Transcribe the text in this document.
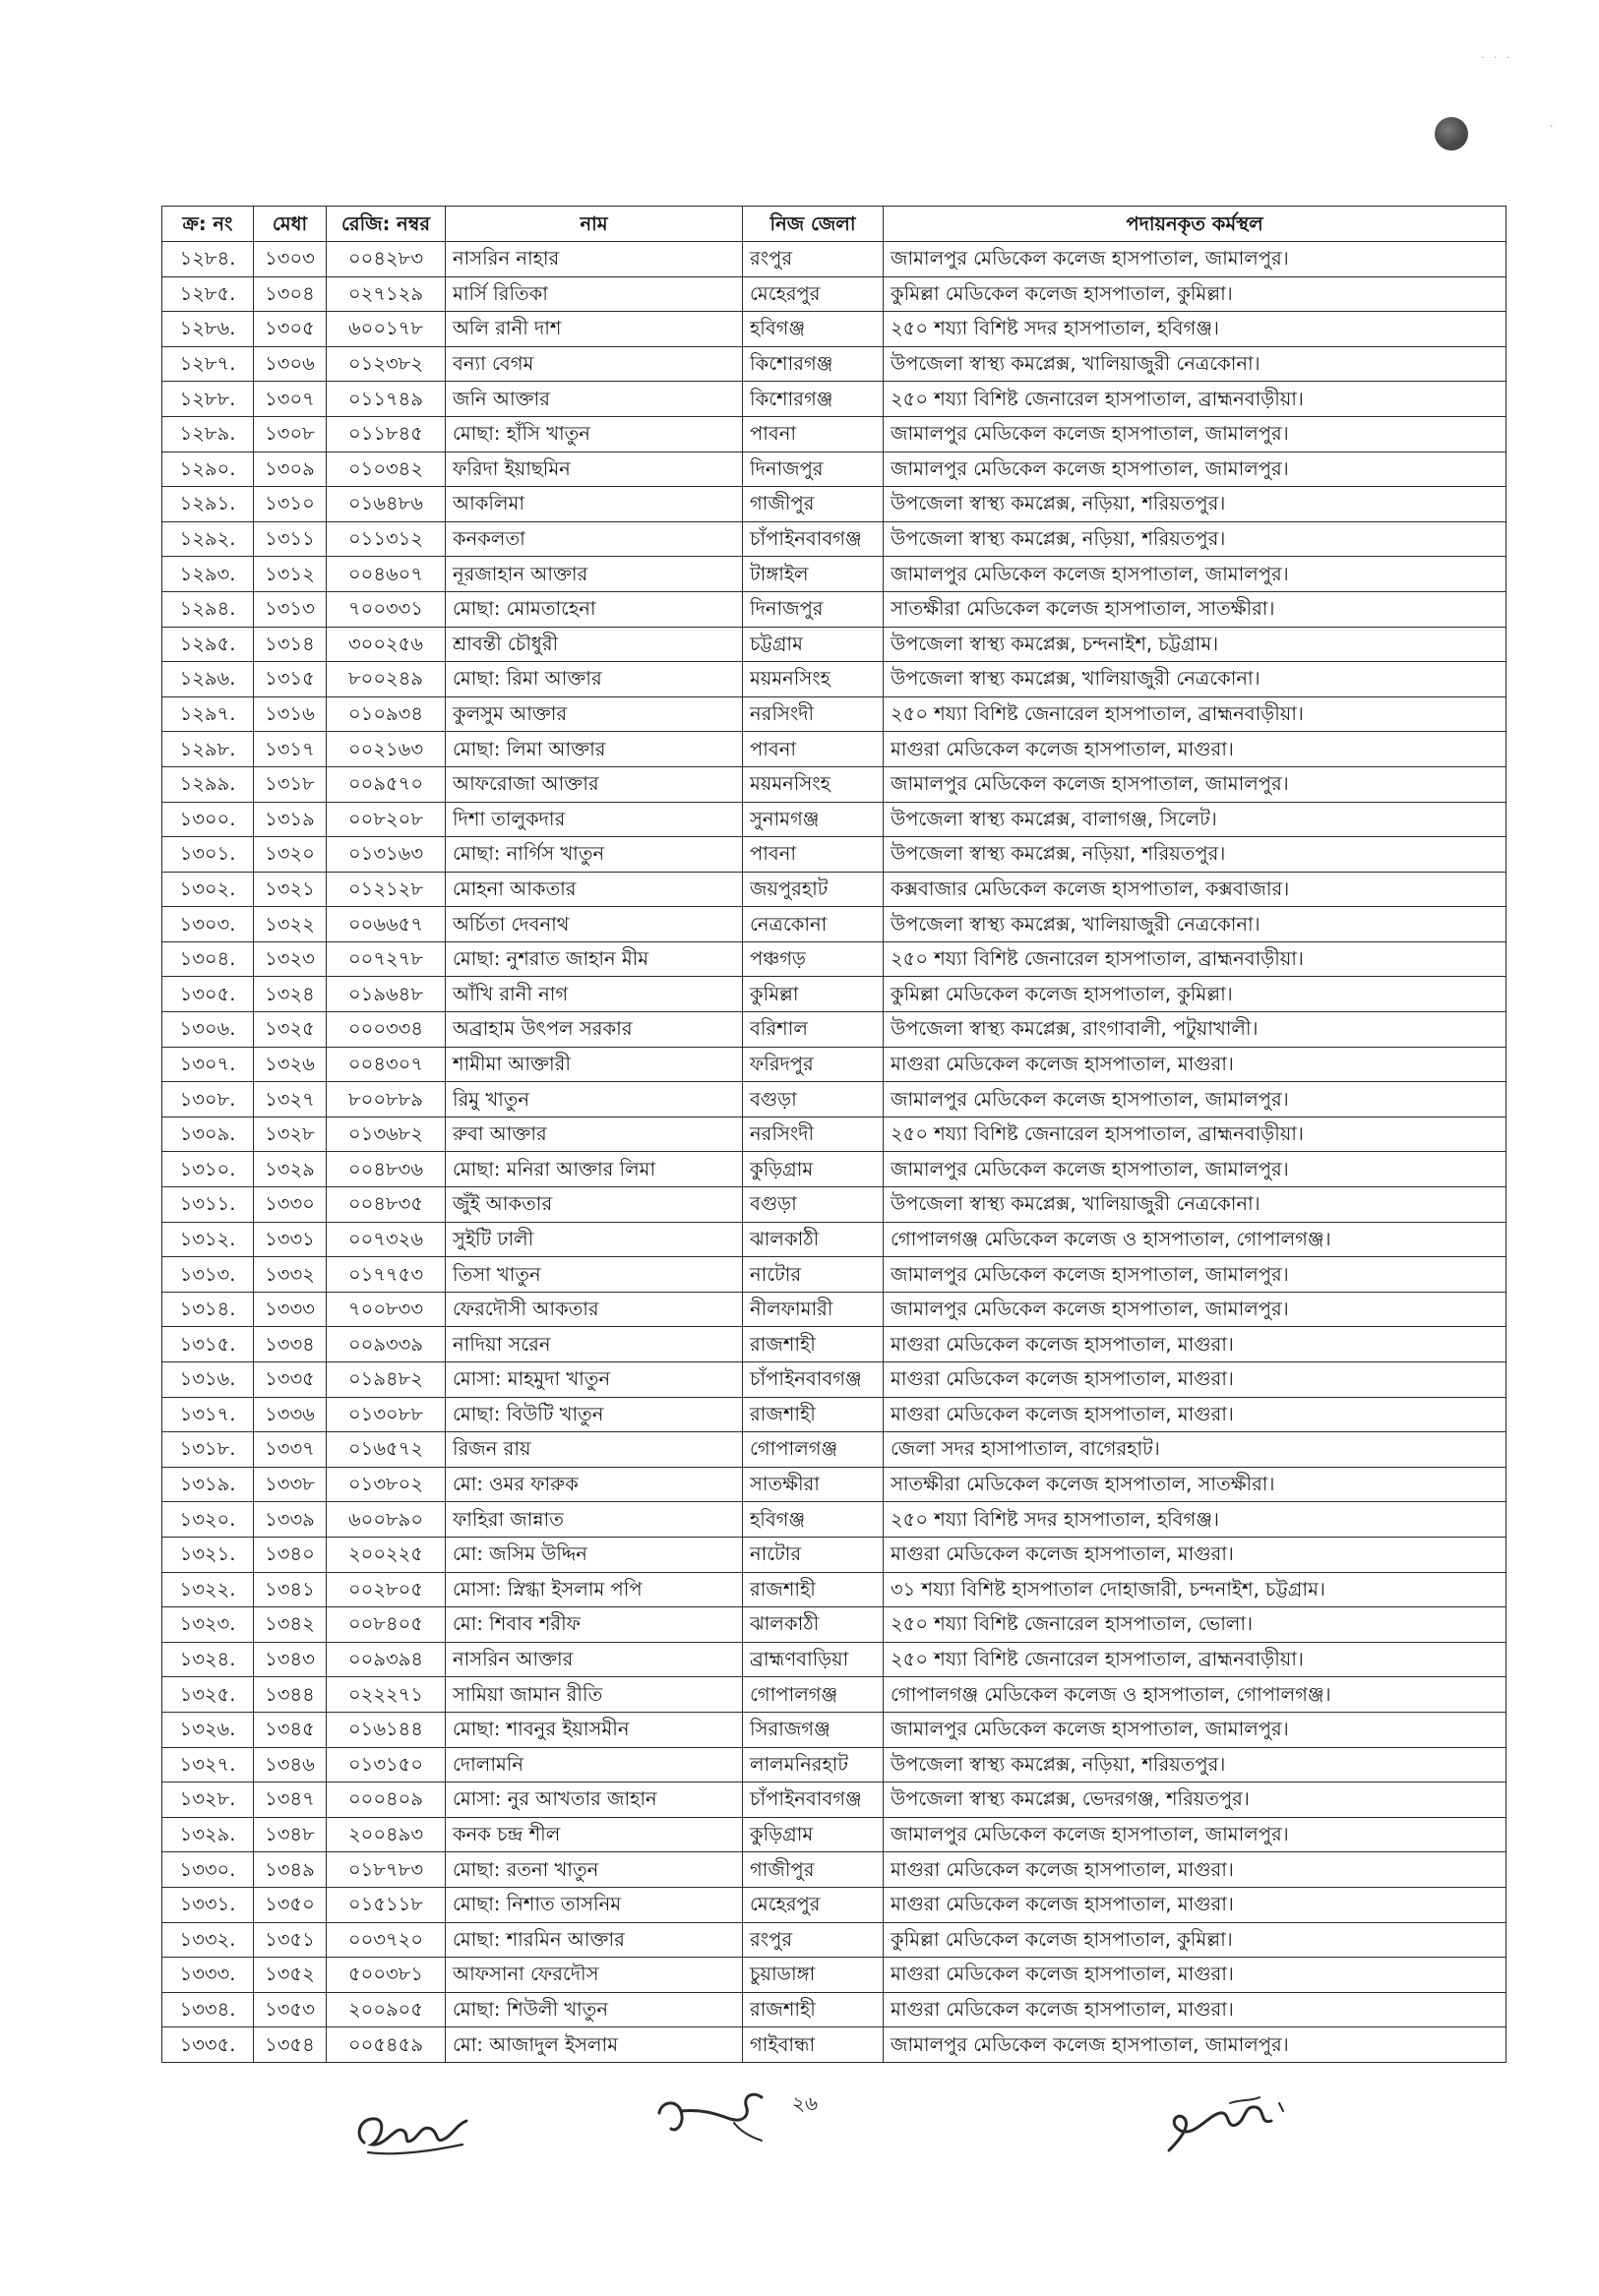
· · ·
·
ক্র: নং	মেধা	রেজি: নম্বর	নাম	নিজ জেলা	পদায়নকৃত কর্মস্থল
১২৮৪.	১৩০৩	০০৪২৮৩	নাসরিন নাহার	রংপুর	জামালপুর মেডিকেল কলেজ হাসপাতাল, জামালপুর।
১২৮৫.	১৩০৪	০২৭১২৯	মার্সি রিতিকা	মেহেরপুর	কুমিল্লা মেডিকেল কলেজ হাসপাতাল, কুমিল্লা।
১২৮৬.	১৩০৫	৬০০১৭৮	অলি রানী দাশ	হবিগঞ্জ	২৫০ শয্যা বিশিষ্ট সদর হাসপাতাল, হবিগঞ্জ।
১২৮৭.	১৩০৬	০১২৩৮২	বন্যা বেগম	কিশোরগঞ্জ	উপজেলা স্বাস্থ্য কমপ্লেক্স, খালিয়াজুরী নেত্রকোনা।
১২৮৮.	১৩০৭	০১১৭৪৯	জনি আক্তার	কিশোরগঞ্জ	২৫০ শয্যা বিশিষ্ট জেনারেল হাসপাতাল, ব্রাহ্মনবাড়ীয়া।
১২৮৯.	১৩০৮	০১১৮৪৫	মোছা: হাঁসি খাতুন	পাবনা	জামালপুর মেডিকেল কলেজ হাসপাতাল, জামালপুর।
১২৯০.	১৩০৯	০১০৩৪২	ফরিদা ইয়াছমিন	দিনাজপুর	জামালপুর মেডিকেল কলেজ হাসপাতাল, জামালপুর।
১২৯১.	১৩১০	০১৬৪৮৬	আকলিমা	গাজীপুর	উপজেলা স্বাস্থ্য কমপ্লেক্স, নড়িয়া, শরিয়তপুর।
১২৯২.	১৩১১	০১১৩১২	কনকলতা	চাঁপাইনবাবগঞ্জ	উপজেলা স্বাস্থ্য কমপ্লেক্স, নড়িয়া, শরিয়তপুর।
১২৯৩.	১৩১২	০০৪৬০৭	নূরজাহান আক্তার	টাঙ্গাইল	জামালপুর মেডিকেল কলেজ হাসপাতাল, জামালপুর।
১২৯৪.	১৩১৩	৭০০৩৩১	মোছা: মোমতাহেনা	দিনাজপুর	সাতক্ষীরা মেডিকেল কলেজ হাসপাতাল, সাতক্ষীরা।
১২৯৫.	১৩১৪	৩০০২৫৬	শ্রাবন্তী চৌধুরী	চট্টগ্রাম	উপজেলা স্বাস্থ্য কমপ্লেক্স, চন্দনাইশ, চট্টগ্রাম।
১২৯৬.	১৩১৫	৮০০২৪৯	মোছা: রিমা আক্তার	ময়মনসিংহ	উপজেলা স্বাস্থ্য কমপ্লেক্স, খালিয়াজুরী নেত্রকোনা।
১২৯৭.	১৩১৬	০১০৯৩৪	কুলসুম আক্তার	নরসিংদী	২৫০ শয্যা বিশিষ্ট জেনারেল হাসপাতাল, ব্রাহ্মনবাড়ীয়া।
১২৯৮.	১৩১৭	০০২১৬৩	মোছা: লিমা আক্তার	পাবনা	মাগুরা মেডিকেল কলেজ হাসপাতাল, মাগুরা।
১২৯৯.	১৩১৮	০০৯৫৭০	আফরোজা আক্তার	ময়মনসিংহ	জামালপুর মেডিকেল কলেজ হাসপাতাল, জামালপুর।
১৩০০.	১৩১৯	০০৮২০৮	দিশা তালুকদার	সুনামগঞ্জ	উপজেলা স্বাস্থ্য কমপ্লেক্স, বালাগঞ্জ, সিলেট।
১৩০১.	১৩২০	০১৩১৬৩	মোছা: নার্গিস খাতুন	পাবনা	উপজেলা স্বাস্থ্য কমপ্লেক্স, নড়িয়া, শরিয়তপুর।
১৩০২.	১৩২১	০১২১২৮	মোহনা আকতার	জয়পুরহাট	কক্সবাজার মেডিকেল কলেজ হাসপাতাল, কক্সবাজার।
১৩০৩.	১৩২২	০০৬৬৫৭	অর্চিতা দেবনাথ	নেত্রকোনা	উপজেলা স্বাস্থ্য কমপ্লেক্স, খালিয়াজুরী নেত্রকোনা।
১৩০৪.	১৩২৩	০০৭২৭৮	মোছা: নুশরাত জাহান মীম	পঞ্চগড়	২৫০ শয্যা বিশিষ্ট জেনারেল হাসপাতাল, ব্রাহ্মনবাড়ীয়া।
১৩০৫.	১৩২৪	০১৯৬৪৮	আঁখি রানী নাগ	কুমিল্লা	কুমিল্লা মেডিকেল কলেজ হাসপাতাল, কুমিল্লা।
১৩০৬.	১৩২৫	০০০৩৩৪	অব্রাহাম উৎপল সরকার	বরিশাল	উপজেলা স্বাস্থ্য কমপ্লেক্স, রাংগাবালী, পটুয়াখালী।
১৩০৭.	১৩২৬	০০৪৩০৭	শামীমা আক্তারী	ফরিদপুর	মাগুরা মেডিকেল কলেজ হাসপাতাল, মাগুরা।
১৩০৮.	১৩২৭	৮০০৮৮৯	রিমু খাতুন	বগুড়া	জামালপুর মেডিকেল কলেজ হাসপাতাল, জামালপুর।
১৩০৯.	১৩২৮	০১৩৬৮২	রুবা আক্তার	নরসিংদী	২৫০ শয্যা বিশিষ্ট জেনারেল হাসপাতাল, ব্রাহ্মনবাড়ীয়া।
১৩১০.	১৩২৯	০০৪৮৩৬	মোছা: মনিরা আক্তার লিমা	কুড়িগ্রাম	জামালপুর মেডিকেল কলেজ হাসপাতাল, জামালপুর।
১৩১১.	১৩৩০	০০৪৮৩৫	জুঁই আকতার	বগুড়া	উপজেলা স্বাস্থ্য কমপ্লেক্স, খালিয়াজুরী নেত্রকোনা।
১৩১২.	১৩৩১	০০৭৩২৬	সুইটি ঢালী	ঝালকাঠী	গোপালগঞ্জ মেডিকেল কলেজ ও হাসপাতাল, গোপালগঞ্জ।
১৩১৩.	১৩৩২	০১৭৭৫৩	তিসা খাতুন	নাটোর	জামালপুর মেডিকেল কলেজ হাসপাতাল, জামালপুর।
১৩১৪.	১৩৩৩	৭০০৮৩৩	ফেরদৌসী আকতার	নীলফামারী	জামালপুর মেডিকেল কলেজ হাসপাতাল, জামালপুর।
১৩১৫.	১৩৩৪	০০৯৩৩৯	নাদিয়া সরেন	রাজশাহী	মাগুরা মেডিকেল কলেজ হাসপাতাল, মাগুরা।
১৩১৬.	১৩৩৫	০১৯৪৮২	মোসা: মাহমুদা খাতুন	চাঁপাইনবাবগঞ্জ	মাগুরা মেডিকেল কলেজ হাসপাতাল, মাগুরা।
১৩১৭.	১৩৩৬	০১৩০৮৮	মোছা: বিউটি খাতুন	রাজশাহী	মাগুরা মেডিকেল কলেজ হাসপাতাল, মাগুরা।
১৩১৮.	১৩৩৭	০১৬৫৭২	রিজন রায়	গোপালগঞ্জ	জেলা সদর হাসাপাতাল, বাগেরহাট।
১৩১৯.	১৩৩৮	০১৩৮০২	মো: ওমর ফারুক	সাতক্ষীরা	সাতক্ষীরা মেডিকেল কলেজ হাসপাতাল, সাতক্ষীরা।
১৩২০.	১৩৩৯	৬০০৮৯০	ফাহিরা জান্নাত	হবিগঞ্জ	২৫০ শয্যা বিশিষ্ট সদর হাসপাতাল, হবিগঞ্জ।
১৩২১.	১৩৪০	২০০২২৫	মো: জসিম উদ্দিন	নাটোর	মাগুরা মেডিকেল কলেজ হাসপাতাল, মাগুরা।
১৩২২.	১৩৪১	০০২৮০৫	মোসা: স্নিগ্ধা ইসলাম পপি	রাজশাহী	৩১ শয্যা বিশিষ্ট হাসপাতাল দোহাজারী, চন্দনাইশ, চট্টগ্রাম।
১৩২৩.	১৩৪২	০০৮৪০৫	মো: শিবাব শরীফ	ঝালকাঠী	২৫০ শয্যা বিশিষ্ট জেনারেল হাসপাতাল, ভোলা।
১৩২৪.	১৩৪৩	০০৯৩৯৪	নাসরিন আক্তার	ব্রাহ্মণবাড়িয়া	২৫০ শয্যা বিশিষ্ট জেনারেল হাসপাতাল, ব্রাহ্মনবাড়ীয়া।
১৩২৫.	১৩৪৪	০২২২৭১	সামিয়া জামান রীতি	গোপালগঞ্জ	গোপালগঞ্জ মেডিকেল কলেজ ও হাসপাতাল, গোপালগঞ্জ।
১৩২৬.	১৩৪৫	০১৬১৪৪	মোছা: শাবনুর ইয়াসমীন	সিরাজগঞ্জ	জামালপুর মেডিকেল কলেজ হাসপাতাল, জামালপুর।
১৩২৭.	১৩৪৬	০১৩১৫০	দোলামনি	লালমনিরহাট	উপজেলা স্বাস্থ্য কমপ্লেক্স, নড়িয়া, শরিয়তপুর।
১৩২৮.	১৩৪৭	০০০৪০৯	মোসা: নুর আখতার জাহান	চাঁপাইনবাবগঞ্জ	উপজেলা স্বাস্থ্য কমপ্লেক্স, ভেদরগঞ্জ, শরিয়তপুর।
১৩২৯.	১৩৪৮	২০০৪৯৩	কনক চন্দ্র শীল	কুড়িগ্রাম	জামালপুর মেডিকেল কলেজ হাসপাতাল, জামালপুর।
১৩৩০.	১৩৪৯	০১৮৭৮৩	মোছা: রতনা খাতুন	গাজীপুর	মাগুরা মেডিকেল কলেজ হাসপাতাল, মাগুরা।
১৩৩১.	১৩৫০	০১৫১১৮	মোছা: নিশাত তাসনিম	মেহেরপুর	মাগুরা মেডিকেল কলেজ হাসপাতাল, মাগুরা।
১৩৩২.	১৩৫১	০০৩৭২০	মোছা: শারমিন আক্তার	রংপুর	কুমিল্লা মেডিকেল কলেজ হাসপাতাল, কুমিল্লা।
১৩৩৩.	১৩৫২	৫০০৩৮১	আফসানা ফেরদৌস	চুয়াডাঙ্গা	মাগুরা মেডিকেল কলেজ হাসপাতাল, মাগুরা।
১৩৩৪.	১৩৫৩	২০০৯০৫	মোছা: শিউলী খাতুন	রাজশাহী	মাগুরা মেডিকেল কলেজ হাসপাতাল, মাগুরা।
১৩৩৫.	১৩৫৪	০০৫৪৫৯	মো: আজাদুল ইসলাম	গাইবান্ধা	জামালপুর মেডিকেল কলেজ হাসপাতাল, জামালপুর।
২৬
